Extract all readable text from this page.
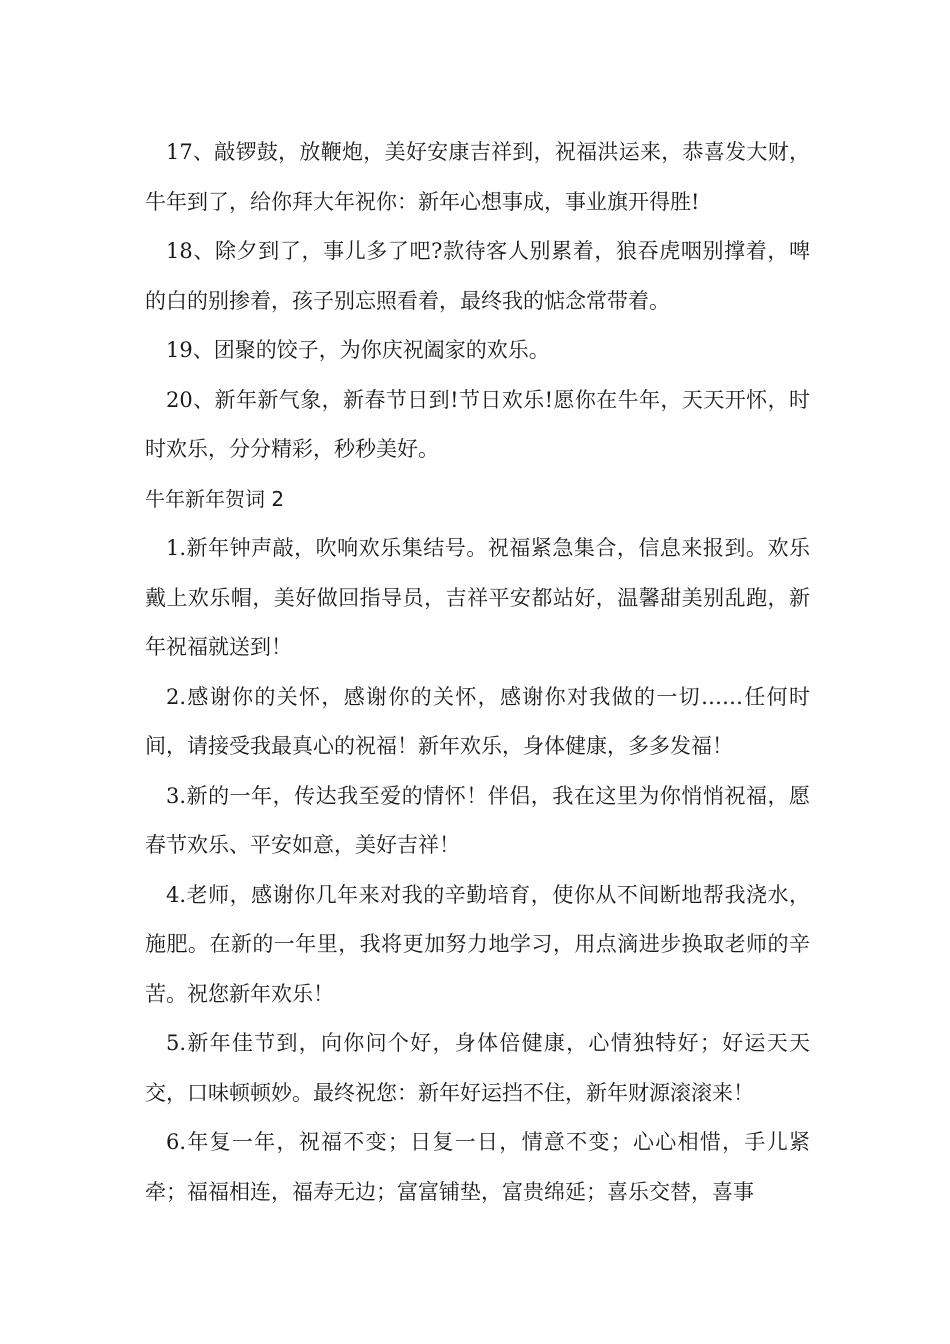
17、敲锣鼓，放鞭炮，美好安康吉祥到，祝福洪运来，恭喜发大财，牛年到了，给你拜大年祝你：新年心想事成，事业旗开得胜!

18、除夕到了，事儿多了吧?款待客人别累着，狼吞虎咽别撑着，啤的白的别掺着，孩子别忘照看着，最终我的惦念常带着。

19、团聚的饺子，为你庆祝阖家的欢乐。

20、新年新气象，新春节日到!节日欢乐!愿你在牛年，天天开怀，时时欢乐，分分精彩，秒秒美好。

牛年新年贺词 2

1.新年钟声敲，吹响欢乐集结号。祝福紧急集合，信息来报到。欢乐戴上欢乐帽，美好做回指导员，吉祥平安都站好，温馨甜美别乱跑，新年祝福就送到！

2.感谢你的关怀，感谢你的关怀，感谢你对我做的一切……任何时间，请接受我最真心的祝福！新年欢乐，身体健康，多多发福！

3.新的一年，传达我至爱的情怀！伴侣，我在这里为你悄悄祝福，愿春节欢乐、平安如意，美好吉祥！

4.老师，感谢你几年来对我的辛勤培育，使你从不间断地帮我浇水，施肥。在新的一年里，我将更加努力地学习，用点滴进步换取老师的辛苦。祝您新年欢乐！

5.新年佳节到，向你问个好，身体倍健康，心情独特好；好运天天交，口味顿顿妙。最终祝您：新年好运挡不住，新年财源滚滚来！

6.年复一年，祝福不变；日复一日，情意不变；心心相惜，手儿紧牵；福福相连，福寿无边；富富铺垫，富贵绵延；喜乐交替，喜事
